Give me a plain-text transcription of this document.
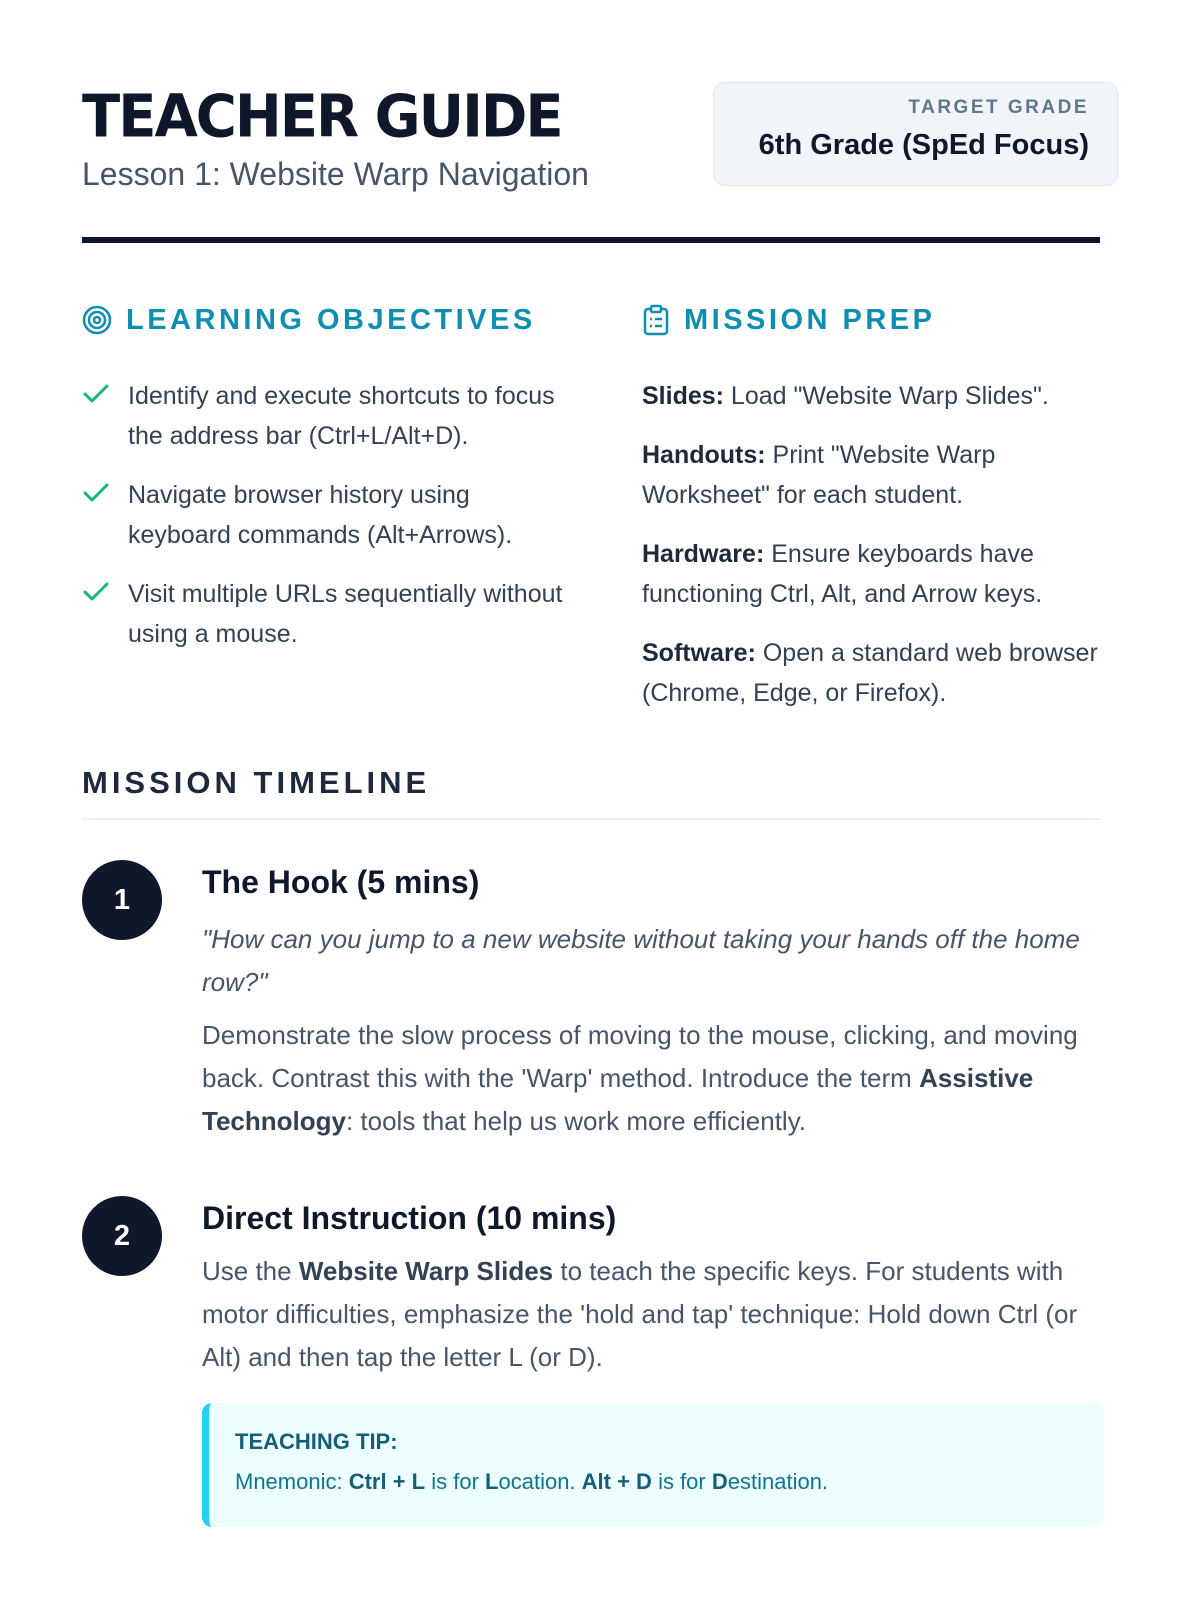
TEACHER GUIDE
Lesson 1: Website Warp Navigation
TARGET GRADE
6th Grade (SpEd Focus)
LEARNING OBJECTIVES
Identify and execute shortcuts to focus the address bar (Ctrl+L/Alt+D).
Navigate browser history using keyboard commands (Alt+Arrows).
Visit multiple URLs sequentially without using a mouse.
MISSION PREP

Slides: Load "Website Warp Slides".

Handouts: Print "Website Warp Worksheet" for each student.

Hardware: Ensure keyboards have functioning Ctrl, Alt, and Arrow keys.

Software: Open a standard web browser (Chrome, Edge, or Firefox).

MISSION TIMELINE
1	The Hook (5 mins)
"How can you jump to a new website without taking your hands off the home row?"
Demonstrate the slow process of moving to the mouse, clicking, and moving back. Contrast this with the 'Warp' method. Introduce the term Assistive Technology: tools that help us work more efficiently.
2	Direct Instruction (10 mins)
Use the Website Warp Slides to teach the specific keys. For students with motor difficulties, emphasize the 'hold and tap' technique: Hold down Ctrl (or Alt) and then tap the letter L (or D).
TEACHING TIP:
Mnemonic: Ctrl + L is for Location. Alt + D is for Destination.
